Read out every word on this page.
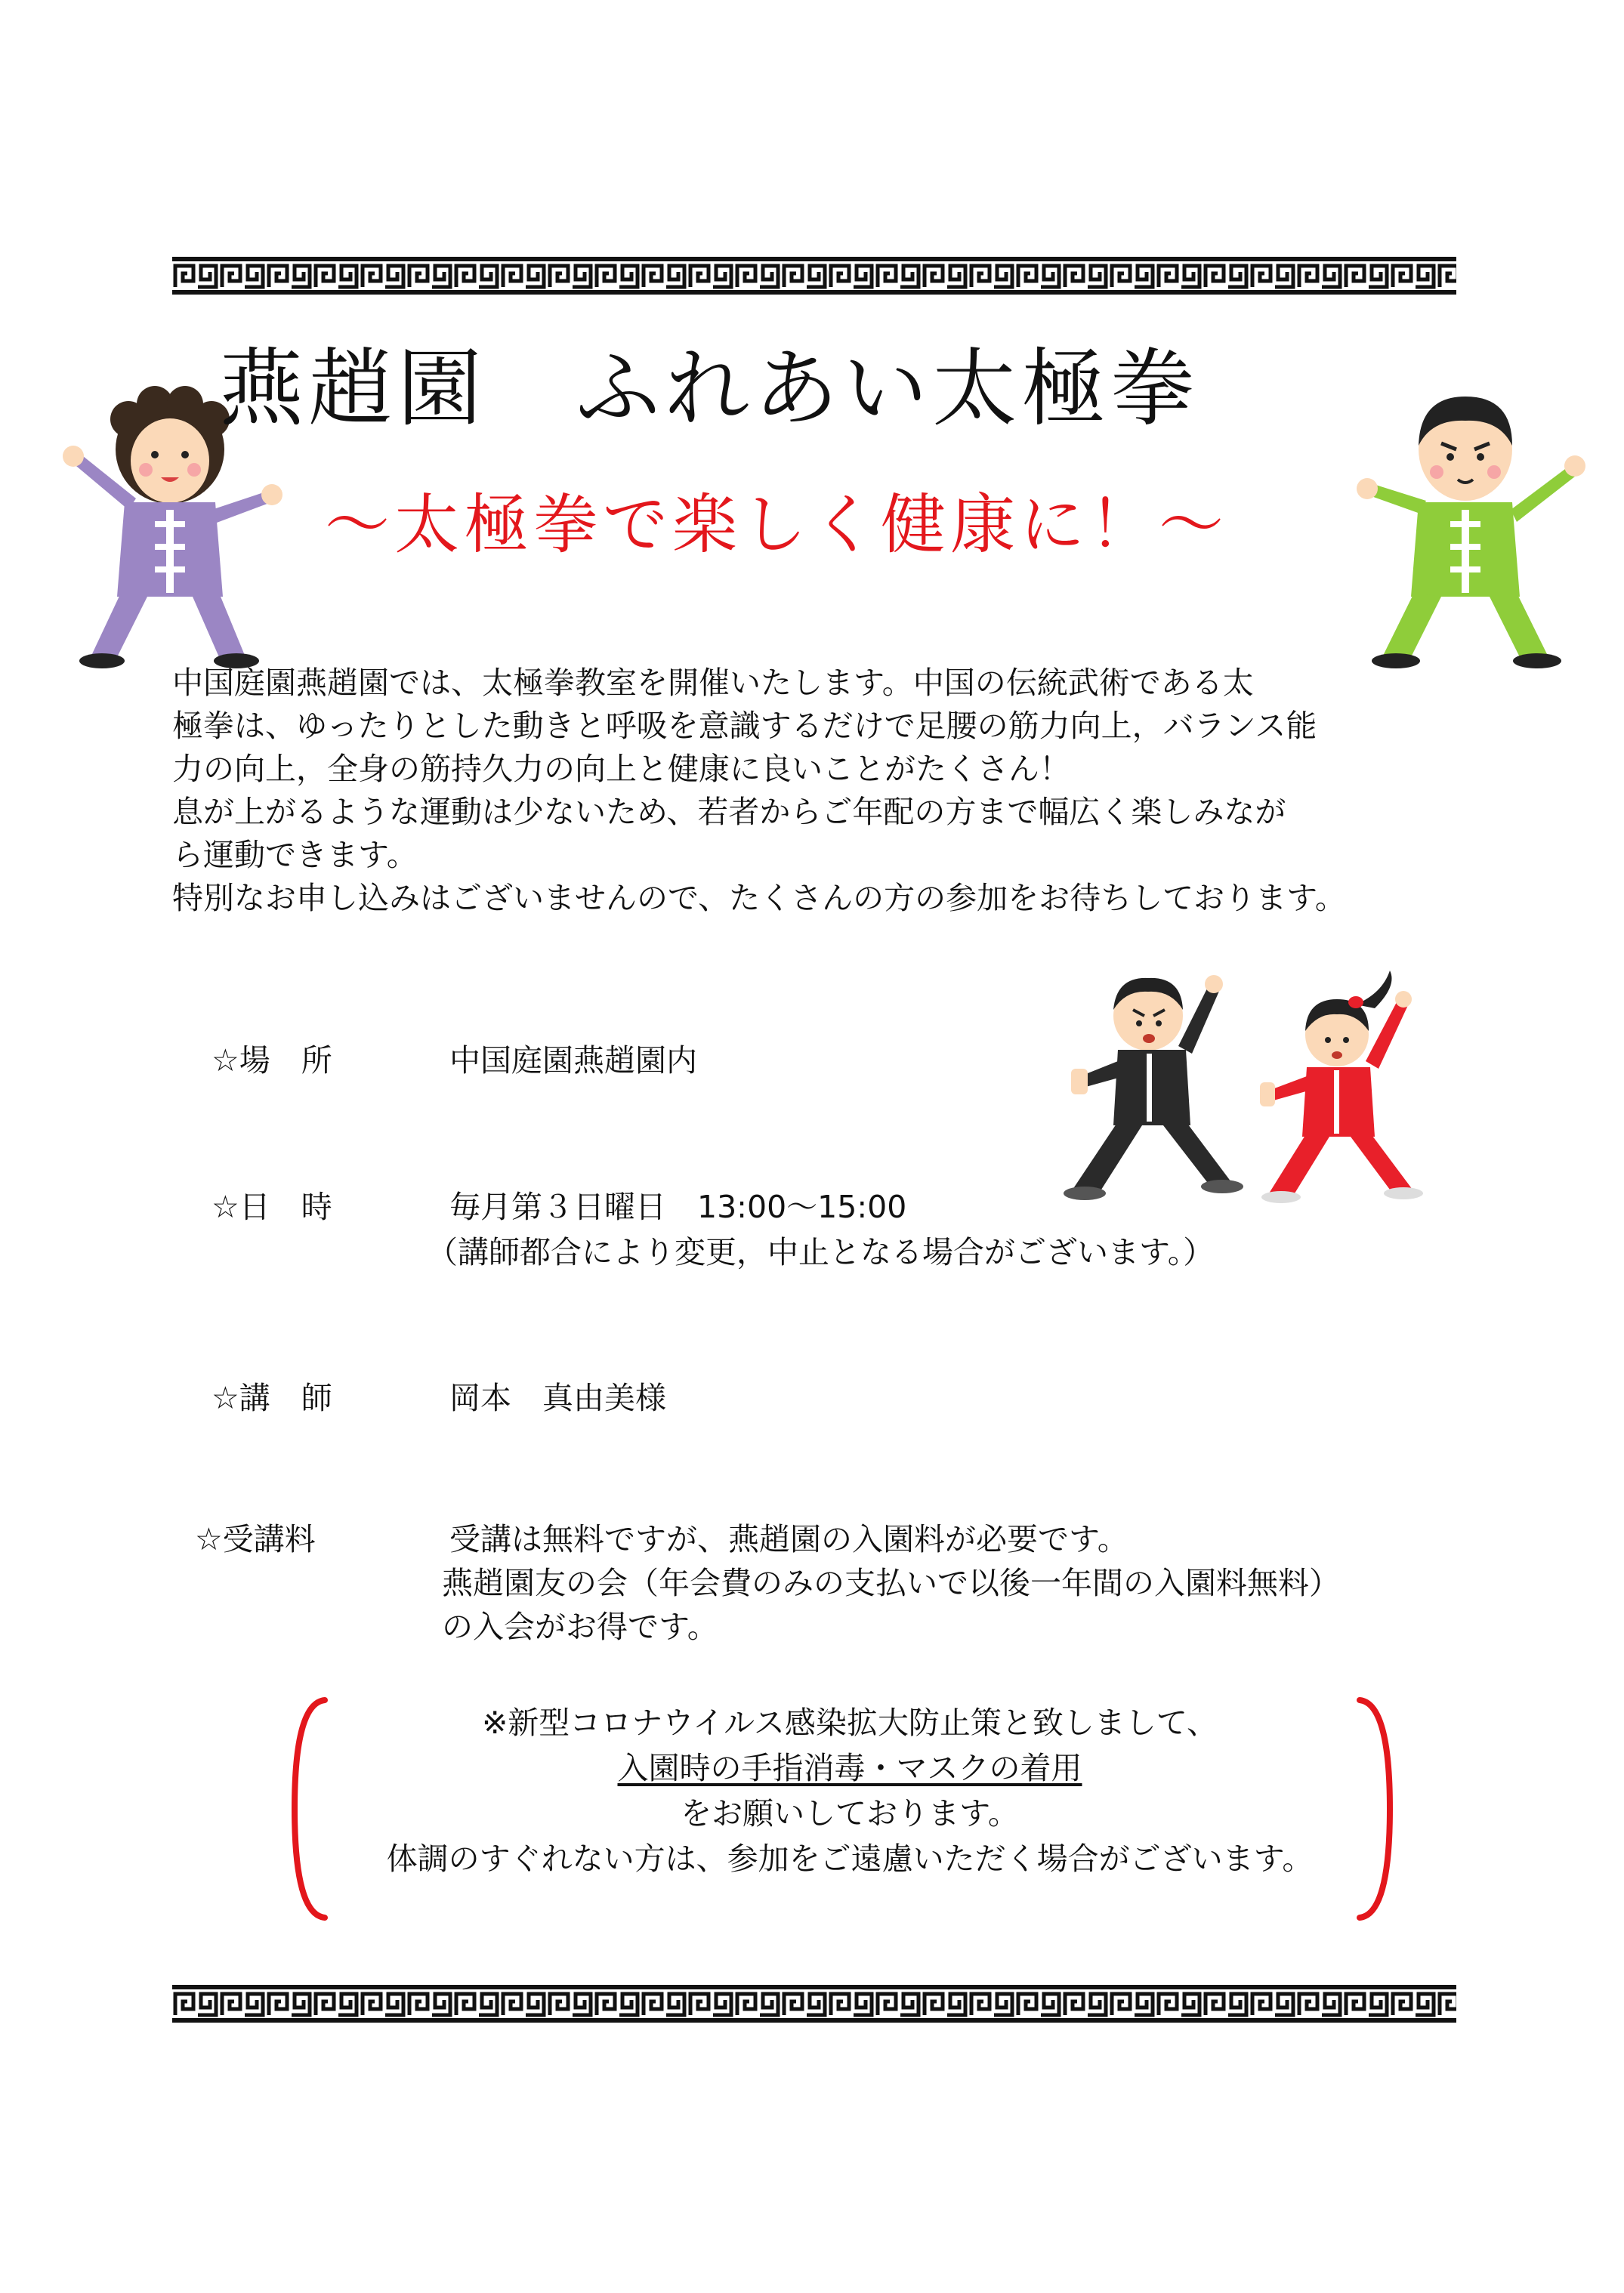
燕趙園　ふれあい太極拳
～太極拳で楽しく健康に！～
中国庭園燕趙園では、太極拳教室を開催いたします。中国の伝統武術である太
極拳は、ゆったりとした動きと呼吸を意識するだけで足腰の筋力向上，バランス能
力の向上，全身の筋持久力の向上と健康に良いことがたくさん！
息が上がるような運動は少ないため、若者からご年配の方まで幅広く楽しみなが
ら運動できます。
特別なお申し込みはございませんので、たくさんの方の参加をお待ちしております。
☆場　所	中国庭園燕趙園内
☆日　時	毎月第３日曜日　13:00～15:00
（講師都合により変更，中止となる場合がございます。）
☆講　師	岡本　真由美様
☆受講料	受講は無料ですが、燕趙園の入園料が必要です。
燕趙園友の会（年会費のみの支払いで以後一年間の入園料無料）
の入会がお得です。
※新型コロナウイルス感染拡大防止策と致しまして、
入園時の手指消毒・マスクの着用
をお願いしております。
体調のすぐれない方は、参加をご遠慮いただく場合がございます。
